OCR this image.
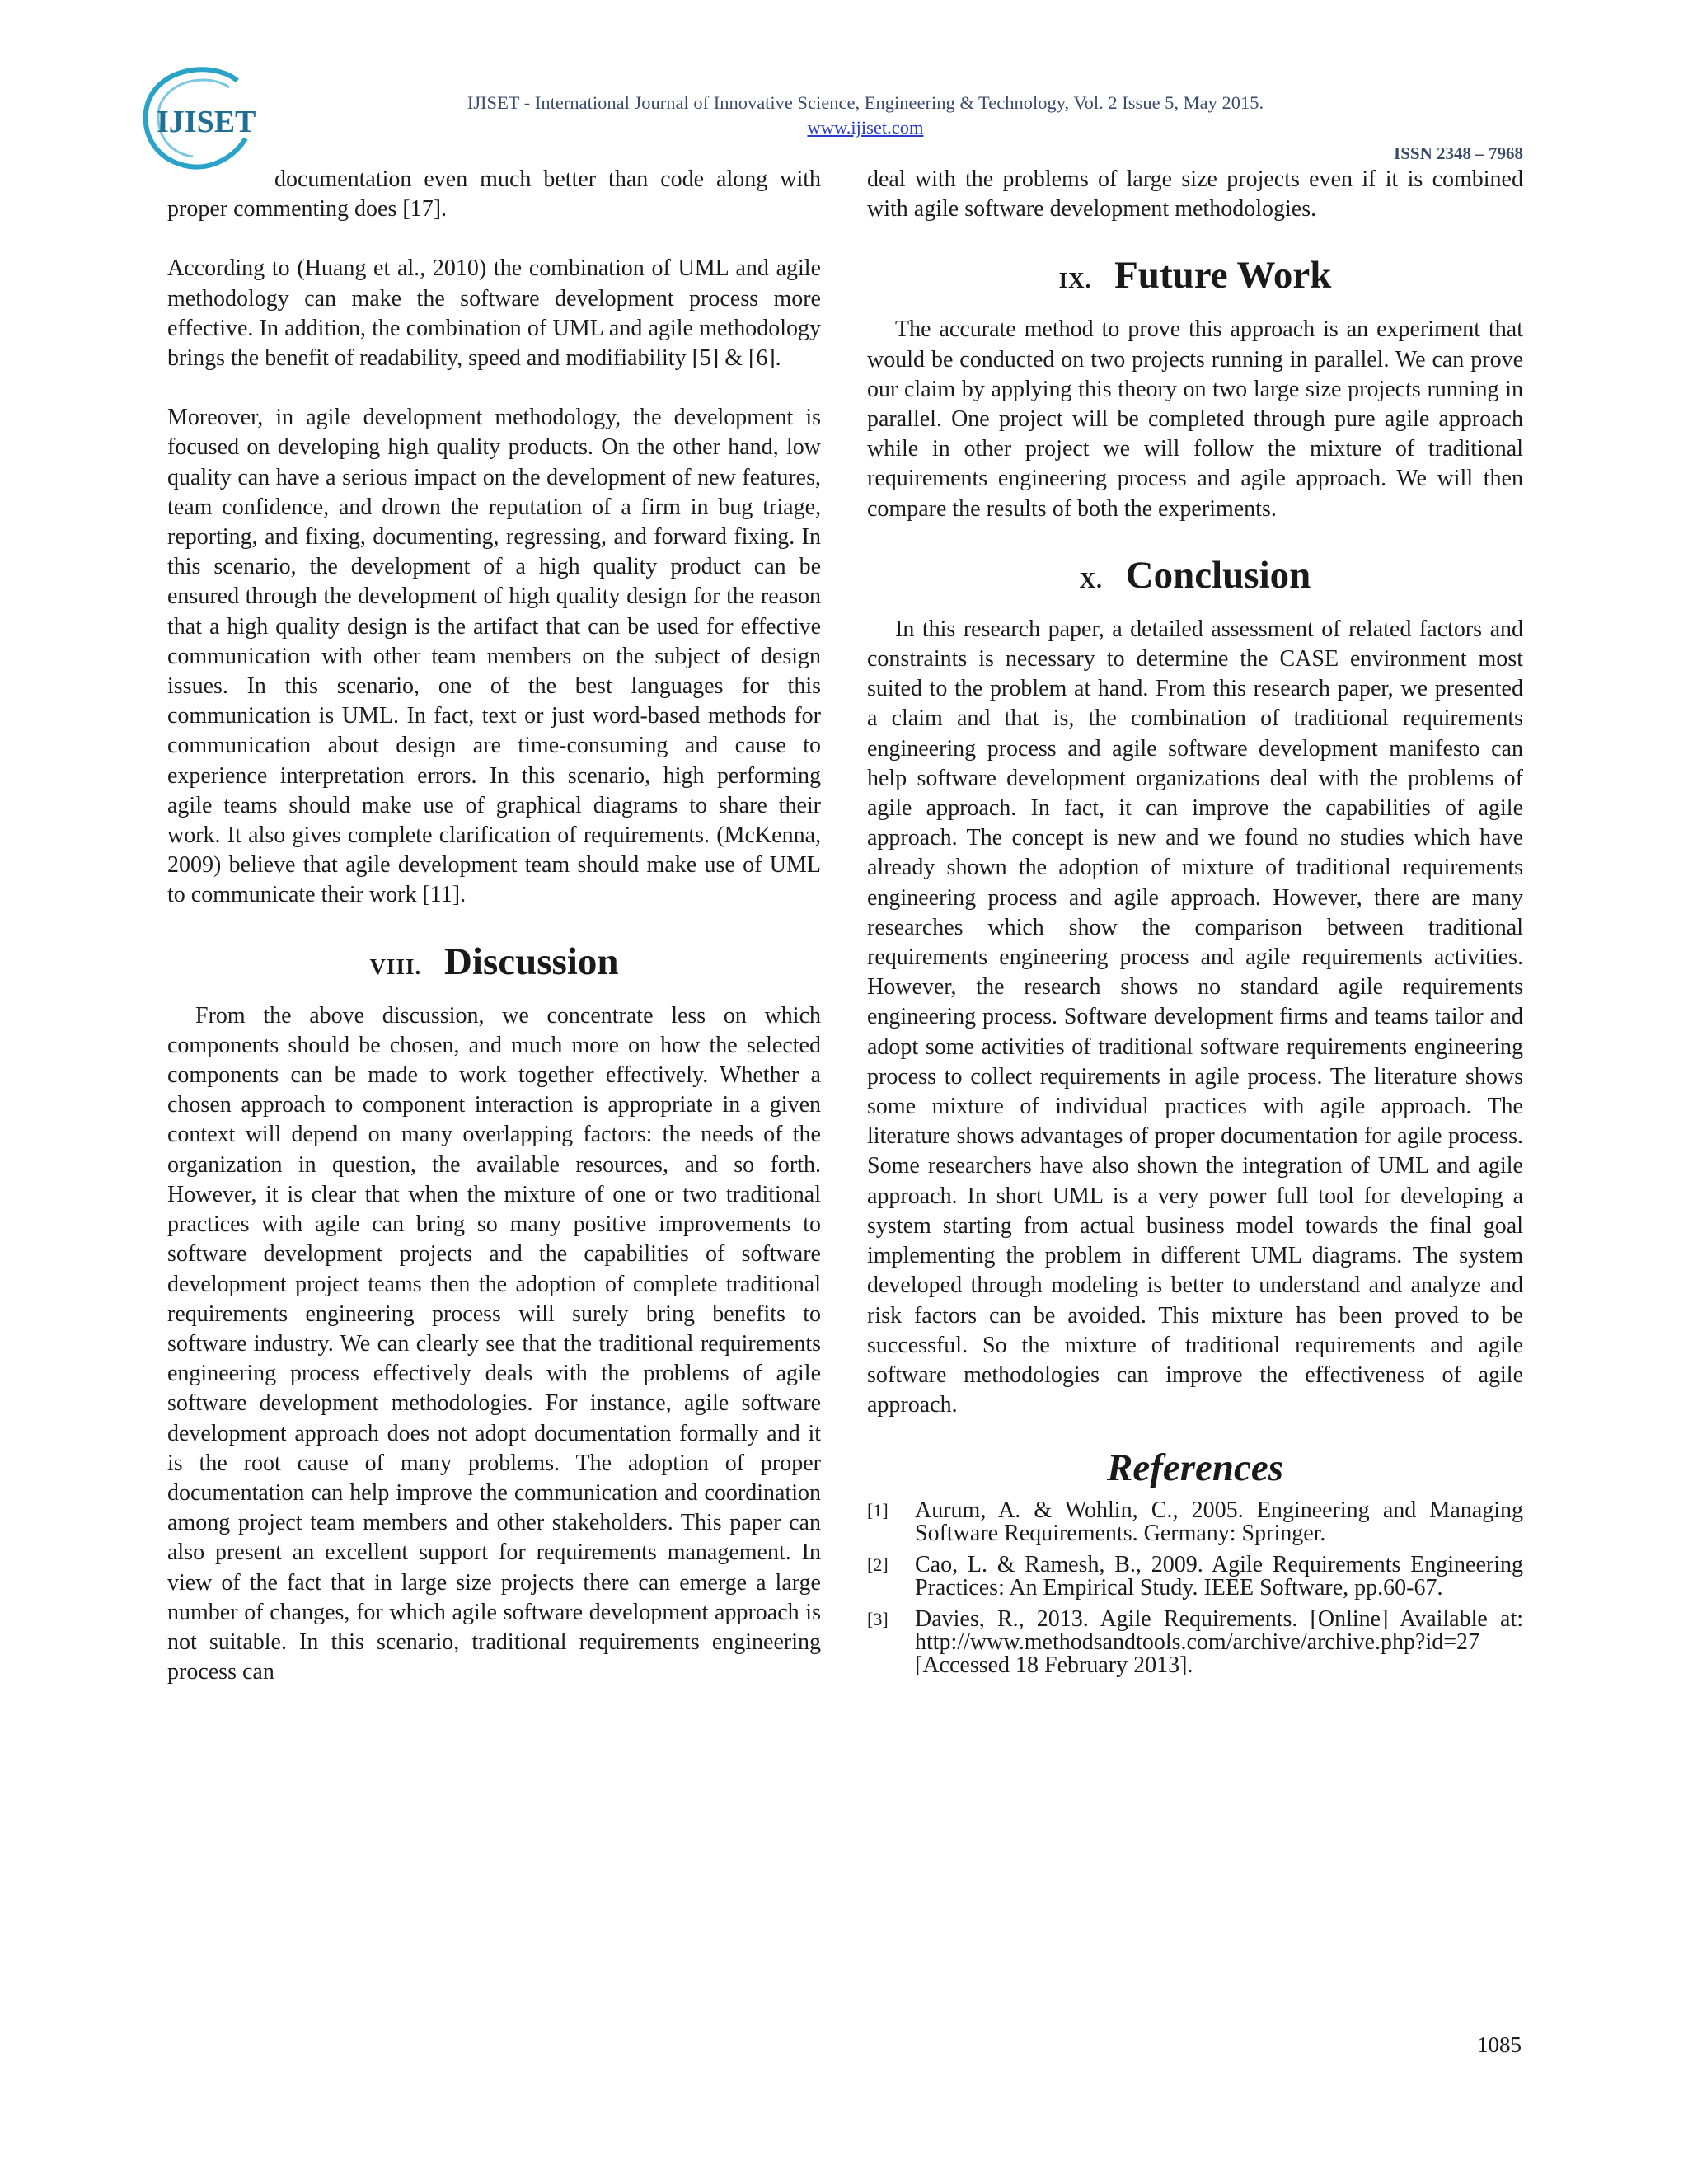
IJISET
IJISET - International Journal of Innovative Science, Engineering & Technology, Vol. 2 Issue 5, May 2015.
www.ijiset.com
ISSN 2348 – 7968

documentation even much better than code along with proper commenting does [17].

According to (Huang et al., 2010) the combination of UML and agile methodology can make the software development process more effective. In addition, the combination of UML and agile methodology brings the benefit of readability, speed and modifiability [5] & [6].

Moreover, in agile development methodology, the development is focused on developing high quality products. On the other hand, low quality can have a serious impact on the development of new features, team confidence, and drown the reputation of a firm in bug triage, reporting, and fixing, documenting, regressing, and forward fixing. In this scenario, the development of a high quality product can be ensured through the development of high quality design for the reason that a high quality design is the artifact that can be used for effective communication with other team members on the subject of design issues. In this scenario, one of the best languages for this communication is UML. In fact, text or just word-based methods for communication about design are time-consuming and cause to experience interpretation errors. In this scenario, high performing agile teams should make use of graphical diagrams to share their work. It also gives complete clarification of requirements. (McKenna, 2009) believe that agile development team should make use of UML to communicate their work [11].

VIII. Discussion

From the above discussion, we concentrate less on which components should be chosen, and much more on how the selected components can be made to work together effectively. Whether a chosen approach to component interaction is appropriate in a given context will depend on many overlapping factors: the needs of the organization in question, the available resources, and so forth. However, it is clear that when the mixture of one or two traditional practices with agile can bring so many positive improvements to software development projects and the capabilities of software development project teams then the adoption of complete traditional requirements engineering process will surely bring benefits to software industry. We can clearly see that the traditional requirements engineering process effectively deals with the problems of agile software development methodologies. For instance, agile software development approach does not adopt documentation formally and it is the root cause of many problems. The adoption of proper documentation can help improve the communication and coordination among project team members and other stakeholders. This paper can also present an excellent support for requirements management. In view of the fact that in large size projects there can emerge a large number of changes, for which agile software development approach is not suitable. In this scenario, traditional requirements engineering process can

deal with the problems of large size projects even if it is combined with agile software development methodologies.

IX. Future Work

The accurate method to prove this approach is an experiment that would be conducted on two projects running in parallel. We can prove our claim by applying this theory on two large size projects running in parallel. One project will be completed through pure agile approach while in other project we will follow the mixture of traditional requirements engineering process and agile approach. We will then compare the results of both the experiments.

X. Conclusion

In this research paper, a detailed assessment of related factors and constraints is necessary to determine the CASE environment most suited to the problem at hand. From this research paper, we presented a claim and that is, the combination of traditional requirements engineering process and agile software development manifesto can help software development organizations deal with the problems of agile approach. In fact, it can improve the capabilities of agile approach. The concept is new and we found no studies which have already shown the adoption of mixture of traditional requirements engineering process and agile approach. However, there are many researches which show the comparison between traditional requirements engineering process and agile requirements activities. However, the research shows no standard agile requirements engineering process. Software development firms and teams tailor and adopt some activities of traditional software requirements engineering process to collect requirements in agile process. The literature shows some mixture of individual practices with agile approach. The literature shows advantages of proper documentation for agile process. Some researchers have also shown the integration of UML and agile approach. In short UML is a very power full tool for developing a system starting from actual business model towards the final goal implementing the problem in different UML diagrams. The system developed through modeling is better to understand and analyze and risk factors can be avoided. This mixture has been proved to be successful. So the mixture of traditional requirements and agile software methodologies can improve the effectiveness of agile approach.

References
[1] Aurum, A. & Wohlin, C., 2005. Engineering and Managing Software Requirements. Germany: Springer.
[2] Cao, L. & Ramesh, B., 2009. Agile Requirements Engineering Practices: An Empirical Study. IEEE Software, pp.60-67.
[3] Davies, R., 2013. Agile Requirements. [Online] Available at: http://www.methodsandtools.com/archive/archive.php?id=27 [Accessed 18 February 2013].
1085
